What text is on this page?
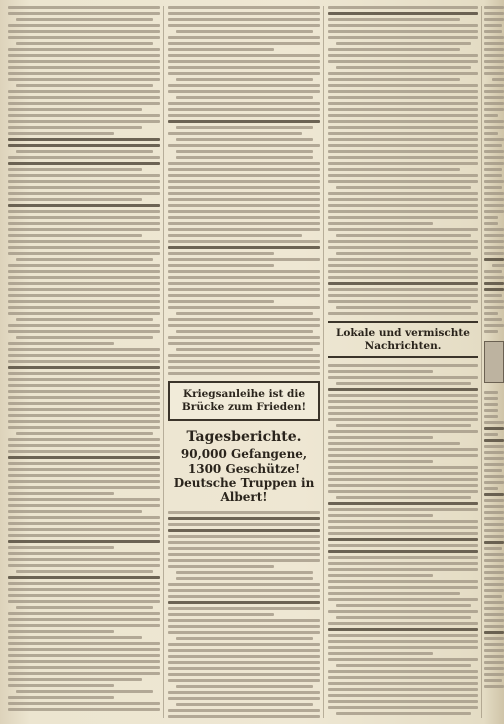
Kriegsanleihe ist die Brücke zum Frieden!
Tagesberichte.
90,000 Gefangene, 1300 Geschütze! Deutsche Truppen in Albert!
Lokale und vermischte Nachrichten.
